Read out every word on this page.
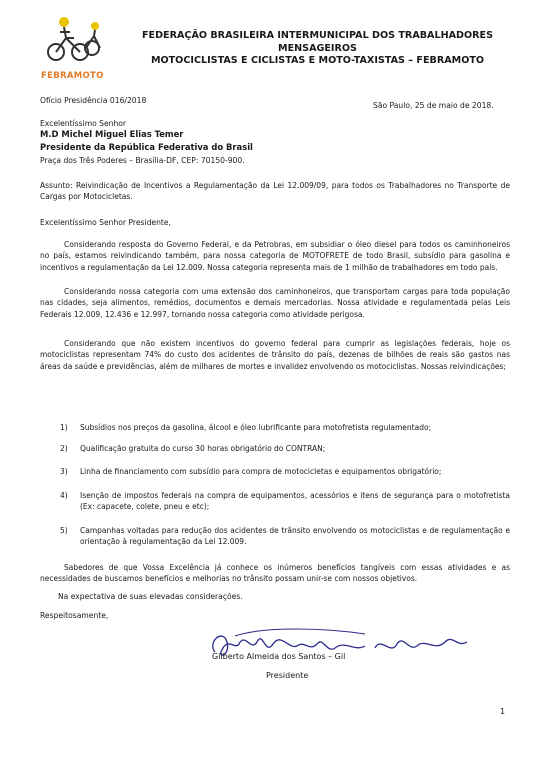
FEBRAMOTO
FEDERAÇÃO BRASILEIRA INTERMUNICIPAL DOS TRABALHADORES MENSAGEIROS
MOTOCICLISTAS E CICLISTAS E MOTO-TAXISTAS – FEBRAMOTO
Ofício Presidência 016/2018
São Paulo, 25 de maio de 2018.
Excelentíssimo Senhor
M.D Michel Miguel Elias Temer
Presidente da República Federativa do Brasil
Praça dos Três Poderes – Brasília-DF, CEP: 70150-900.
Assunto: Reivindicação de Incentivos a Regulamentação da Lei 12.009/09, para todos os Trabalhadores no Transporte de Cargas por Motocicletas.
Excelentíssimo Senhor Presidente,
Considerando resposta do Governo Federal, e da Petrobras, em subsidiar o óleo diesel para todos os caminhoneiros no país, estamos reivindicando também, para nossa categoria de MOTOFRETE de todo Brasil, subsídio para gasolina e incentivos a regulamentação da Lei 12.009. Nossa categoria representa mais de 1 milhão de trabalhadores em todo país.
Considerando nossa categoria com uma extensão dos caminhoneiros, que transportam cargas para toda população nas cidades, seja alimentos, remédios, documentos e demais mercadorias. Nossa atividade e regulamentada pelas Leis Federais 12.009, 12.436 e 12.997, tornando nossa categoria como atividade perigosa.
Considerando que não existem incentivos do governo federal para cumprir as legislações federais, hoje os motociclistas representam 74% do custo dos acidentes de trânsito do país, dezenas de bilhões de reais são gastos nas áreas da saúde e previdências, além de milhares de mortes e invalidez envolvendo os motociclistas. Nossas reivindicações;
1) Subsídios nos preços da gasolina, álcool e óleo lubrificante para motofretista regulamentado;
2) Qualificação gratuita do curso 30 horas obrigatório do CONTRAN;
3) Linha de financiamento com subsídio para compra de motocicletas e equipamentos obrigatório;
4) Isenção de impostos federais na compra de equipamentos, acessórios e itens de segurança para o motofretista (Ex: capacete, colete, pneu e etc);
5) Campanhas voltadas para redução dos acidentes de trânsito envolvendo os motociclistas e de regulamentação e orientação à regulamentação da Lei 12.009.
Sabedores de que Vossa Excelência já conhece os inúmeros benefícios tangíveis com essas atividades e as necessidades de buscamos benefícios e melhorias no trânsito possam unir-se com nossos objetivos.
Na expectativa de suas elevadas considerações.
Respeitosamente,
Gilberto Almeida dos Santos – Gil
Presidente
1
